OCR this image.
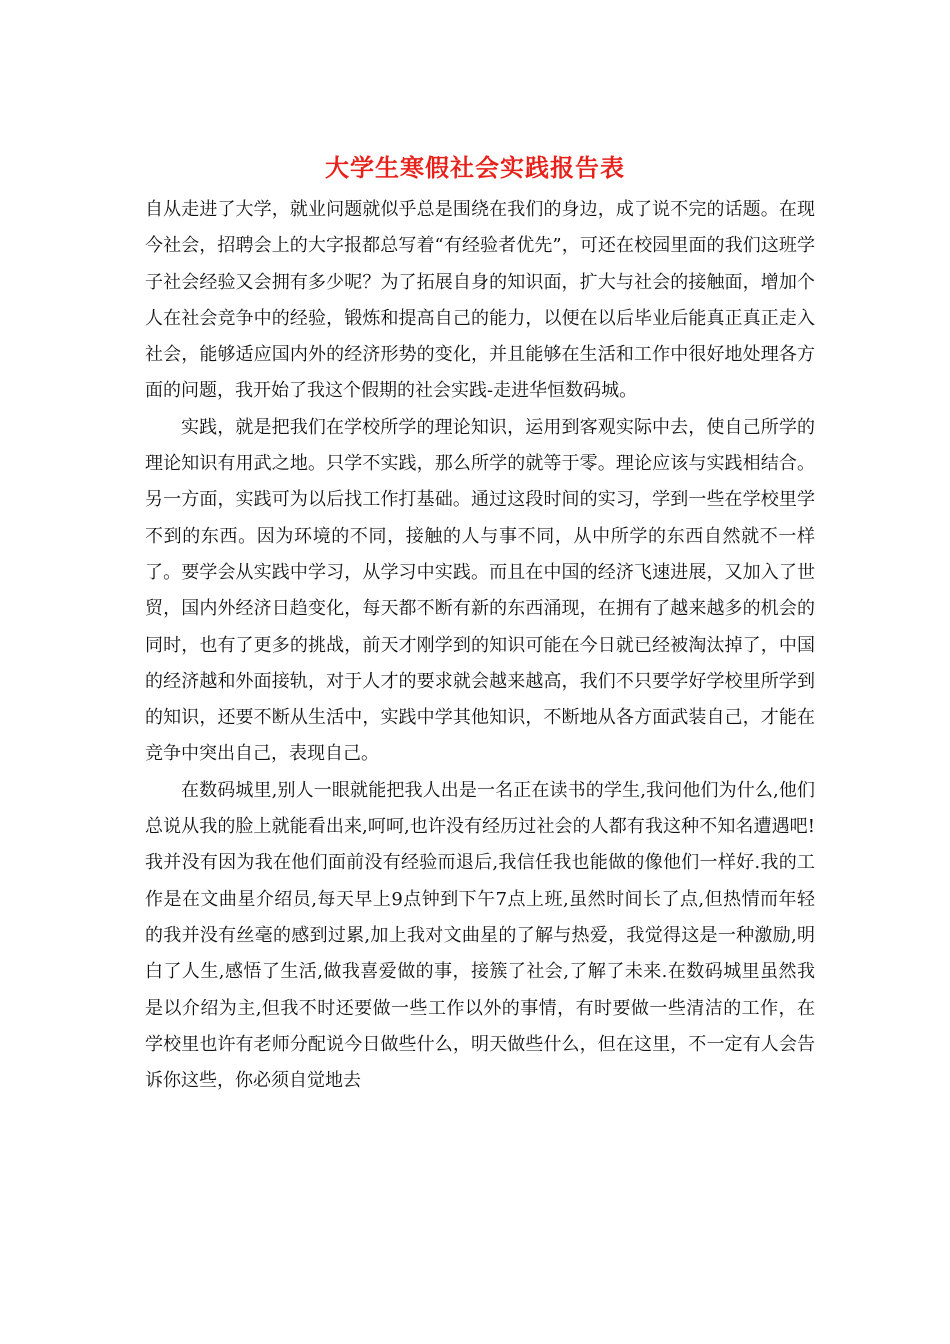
大学生寒假社会实践报告表

自从走进了大学，就业问题就似乎总是围绕在我们的身边，成了说不完的话题。在现今社会，招聘会上的大字报都总写着“有经验者优先”，可还在校园里面的我们这班学子社会经验又会拥有多少呢？为了拓展自身的知识面，扩大与社会的接触面，增加个人在社会竞争中的经验，锻炼和提高自己的能力，以便在以后毕业后能真正真正走入社会，能够适应国内外的经济形势的变化，并且能够在生活和工作中很好地处理各方面的问题，我开始了我这个假期的社会实践-走进华恒数码城。

实践，就是把我们在学校所学的理论知识，运用到客观实际中去，使自己所学的理论知识有用武之地。只学不实践，那么所学的就等于零。理论应该与实践相结合。另一方面，实践可为以后找工作打基础。通过这段时间的实习，学到一些在学校里学不到的东西。因为环境的不同，接触的人与事不同，从中所学的东西自然就不一样了。要学会从实践中学习，从学习中实践。而且在中国的经济飞速进展，又加入了世贸，国内外经济日趋变化，每天都不断有新的东西涌现，在拥有了越来越多的机会的同时，也有了更多的挑战，前天才刚学到的知识可能在今日就已经被淘汰掉了，中国的经济越和外面接轨，对于人才的要求就会越来越高，我们不只要学好学校里所学到的知识，还要不断从生活中，实践中学其他知识，不断地从各方面武装自己，才能在竞争中突出自己，表现自己。

在数码城里,别人一眼就能把我人出是一名正在读书的学生,我问他们为什么,他们总说从我的脸上就能看出来,呵呵,也许没有经历过社会的人都有我这种不知名遭遇吧!我并没有因为我在他们面前没有经验而退后,我信任我也能做的像他们一样好.我的工作是在文曲星介绍员,每天早上9点钟到下午7点上班,虽然时间长了点,但热情而年轻的我并没有丝毫的感到过累,加上我对文曲星的了解与热爱，我觉得这是一种激励,明白了人生,感悟了生活,做我喜爱做的事，接簇了社会,了解了未来.在数码城里虽然我是以介绍为主,但我不时还要做一些工作以外的事情，有时要做一些清洁的工作，在学校里也许有老师分配说今日做些什么，明天做些什么，但在这里，不一定有人会告诉你这些，你必须自觉地去
